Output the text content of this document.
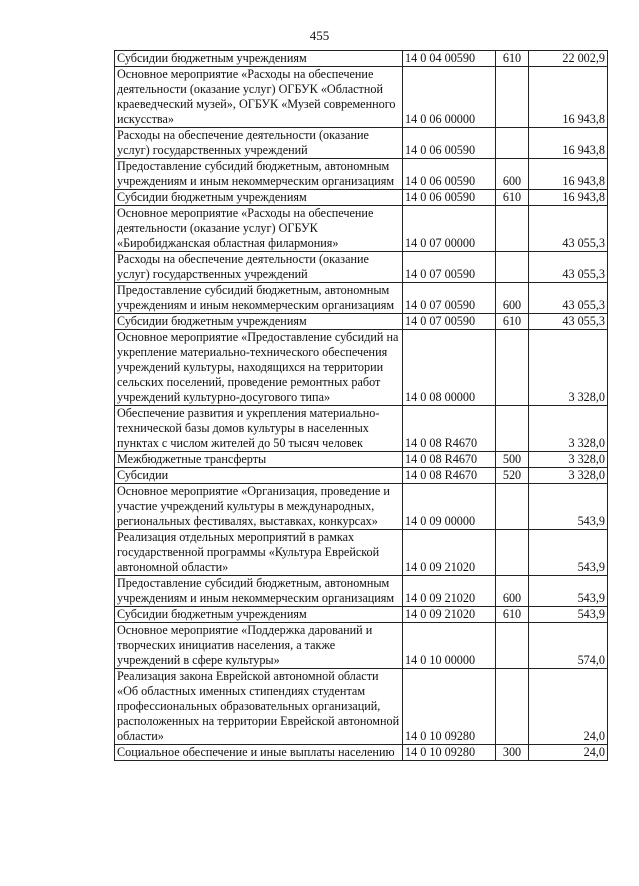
455
Субсидии бюджетным учреждениям	14 0 04 00590	610	22 002,9
Основное мероприятие «Расходы на обеспечение деятельности (оказание услуг) ОГБУК «Областной краеведческий музей», ОГБУК «Музей современного искусства»	14 0 06 00000		16 943,8
Расходы на обеспечение деятельности (оказание услуг) государственных учреждений	14 0 06 00590		16 943,8
Предоставление субсидий бюджетным, автономным учреждениям и иным некоммерческим организациям	14 0 06 00590	600	16 943,8
Субсидии бюджетным учреждениям	14 0 06 00590	610	16 943,8
Основное мероприятие «Расходы на обеспечение деятельности (оказание услуг) ОГБУК «Биробиджанская областная филармония»	14 0 07 00000		43 055,3
Расходы на обеспечение деятельности (оказание услуг) государственных учреждений	14 0 07 00590		43 055,3
Предоставление субсидий бюджетным, автономным учреждениям и иным некоммерческим организациям	14 0 07 00590	600	43 055,3
Субсидии бюджетным учреждениям	14 0 07 00590	610	43 055,3
Основное мероприятие «Предоставление субсидий на укрепление материально-технического обеспечения учреждений культуры, находящихся на территории сельских поселений, проведение ремонтных работ учреждений культурно-досугового типа»	14 0 08 00000		3 328,0
Обеспечение развития и укрепления материально-технической базы домов культуры в населенных пунктах с числом жителей до 50 тысяч человек	14 0 08 R4670		3 328,0
Межбюджетные трансферты	14 0 08 R4670	500	3 328,0
Субсидии	14 0 08 R4670	520	3 328,0
Основное мероприятие «Организация, проведение и участие учреждений культуры в международных, региональных фестивалях, выставках, конкурсах»	14 0 09 00000		543,9
Реализация отдельных мероприятий в рамках государственной программы «Культура Еврейской автономной области»	14 0 09 21020		543,9
Предоставление субсидий бюджетным, автономным учреждениям и иным некоммерческим организациям	14 0 09 21020	600	543,9
Субсидии бюджетным учреждениям	14 0 09 21020	610	543,9
Основное мероприятие «Поддержка дарований и творческих инициатив населения, а также учреждений в сфере культуры»	14 0 10 00000		574,0
Реализация закона Еврейской автономной области «Об областных именных стипендиях студентам профессиональных образовательных организаций, расположенных на территории Еврейской автономной области»	14 0 10 09280		24,0
Социальное обеспечение и иные выплаты населению	14 0 10 09280	300	24,0
